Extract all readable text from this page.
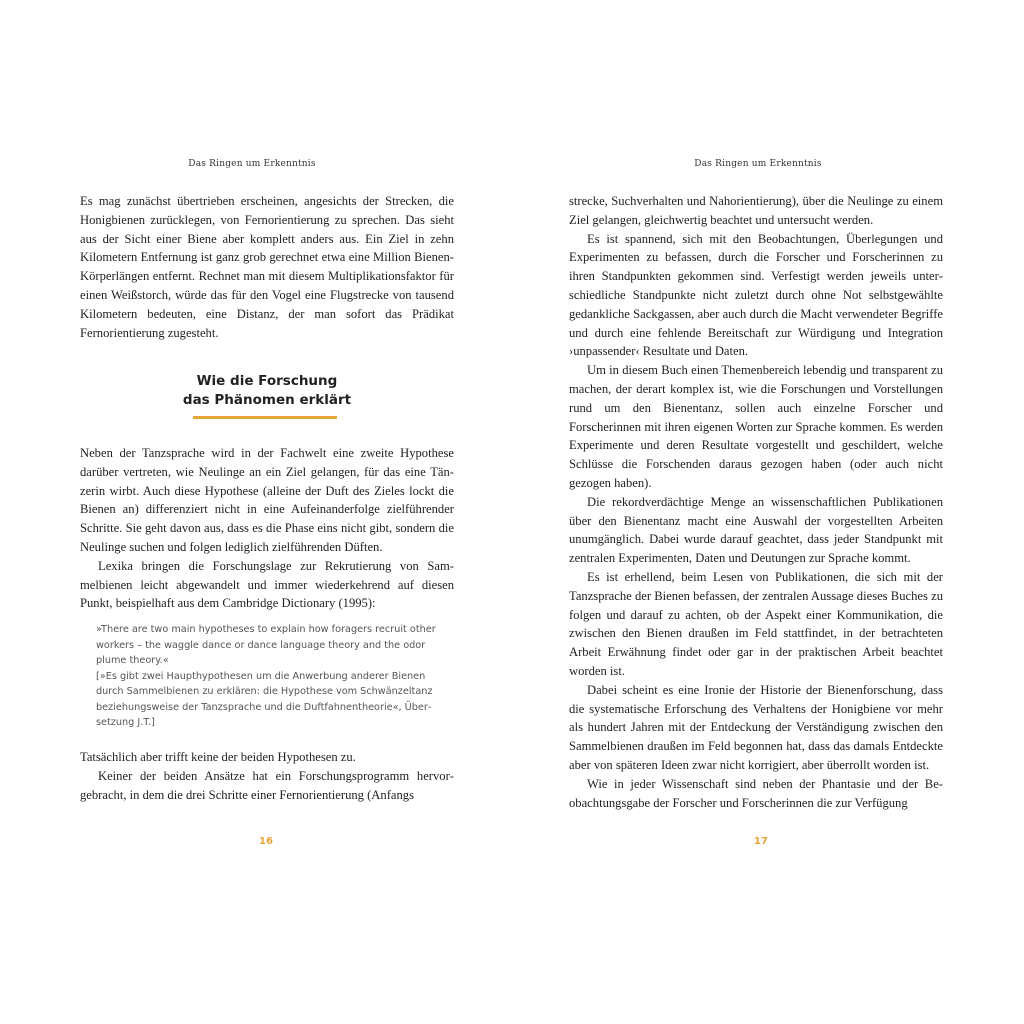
Das Ringen um Erkenntnis

Es mag zunächst übertrieben erscheinen, angesichts der Strecken, die Honigbienen zurücklegen, von Fernorientierung zu sprechen. Das sieht aus der Sicht einer Biene aber komplett anders aus. Ein Ziel in zehn Kilometern Entfernung ist ganz grob gerechnet etwa eine Million Bienen-Körperlängen entfernt. Rechnet man mit diesem Multiplikationsfaktor für einen Weißstorch, würde das für den Vogel eine Flugstrecke von tausend Kilometern bedeuten, eine Distanz, der man sofort das Prädikat Fernorientierung zugesteht.

Wie die Forschung
das Phänomen erklärt

Neben der Tanzsprache wird in der Fachwelt eine zweite Hypothese darüber vertreten, wie Neulinge an ein Ziel gelangen, für das eine Tänzerin wirbt. Auch diese Hypothese (alleine der Duft des Zieles lockt die Bienen an) differenziert nicht in eine Aufeinanderfolge zielführender Schritte. Sie geht davon aus, dass es die Phase eins nicht gibt, sondern die Neulinge suchen und folgen lediglich zielführenden Düften.

Lexika bringen die Forschungslage zur Rekrutierung von Sammelbienen leicht abgewandelt und immer wiederkehrend auf diesen Punkt, beispielhaft aus dem Cambridge Dictionary (1995):

»There are two main hypotheses to explain how foragers recruit other workers – the waggle dance or dance language theory and the odor plume theory.«

[»Es gibt zwei Haupthypothesen um die Anwerbung anderer Bienen durch Sammelbienen zu erklären: die Hypothese vom Schwänzeltanz beziehungsweise der Tanzsprache und die Duftfahnentheorie«, Übersetzung J.T.]

Tatsächlich aber trifft keine der beiden Hypothesen zu.

Keiner der beiden Ansätze hat ein Forschungsprogramm hervorgebracht, in dem die drei Schritte einer Fernorientierung (Anfangs

16
Das Ringen um Erkenntnis

strecke, Suchverhalten und Nahorientierung), über die Neulinge zu einem Ziel gelangen, gleichwertig beachtet und untersucht werden.

Es ist spannend, sich mit den Beobachtungen, Überlegungen und Experimenten zu befassen, durch die Forscher und Forscherinnen zu ihren Standpunkten gekommen sind. Verfestigt werden jeweils unterschiedliche Standpunkte nicht zuletzt durch ohne Not selbstgewählte gedankliche Sackgassen, aber auch durch die Macht verwendeter Begriffe und durch eine fehlende Bereitschaft zur Würdigung und Integration ›unpassender‹ Resultate und Daten.

Um in diesem Buch einen Themenbereich lebendig und transparent zu machen, der derart komplex ist, wie die Forschungen und Vorstellungen rund um den Bienentanz, sollen auch einzelne Forscher und Forscherinnen mit ihren eigenen Worten zur Sprache kommen. Es werden Experimente und deren Resultate vorgestellt und geschildert, welche Schlüsse die Forschenden daraus gezogen haben (oder auch nicht gezogen haben).

Die rekordverdächtige Menge an wissenschaftlichen Publikationen über den Bienentanz macht eine Auswahl der vorgestellten Arbeiten unumgänglich. Dabei wurde darauf geachtet, dass jeder Standpunkt mit zentralen Experimenten, Daten und Deutungen zur Sprache kommt.

Es ist erhellend, beim Lesen von Publikationen, die sich mit der Tanzsprache der Bienen befassen, der zentralen Aussage dieses Buches zu folgen und darauf zu achten, ob der Aspekt einer Kommunikation, die zwischen den Bienen draußen im Feld stattfindet, in der betrachteten Arbeit Erwähnung findet oder gar in der praktischen Arbeit beachtet worden ist.

Dabei scheint es eine Ironie der Historie der Bienenforschung, dass die systematische Erforschung des Verhaltens der Honigbiene vor mehr als hundert Jahren mit der Entdeckung der Verständigung zwischen den Sammelbienen draußen im Feld begonnen hat, dass das damals Entdeckte aber von späteren Ideen zwar nicht korrigiert, aber überrollt worden ist.

Wie in jeder Wissenschaft sind neben der Phantasie und der Beobachtungsgabe der Forscher und Forscherinnen die zur Verfügung

17
